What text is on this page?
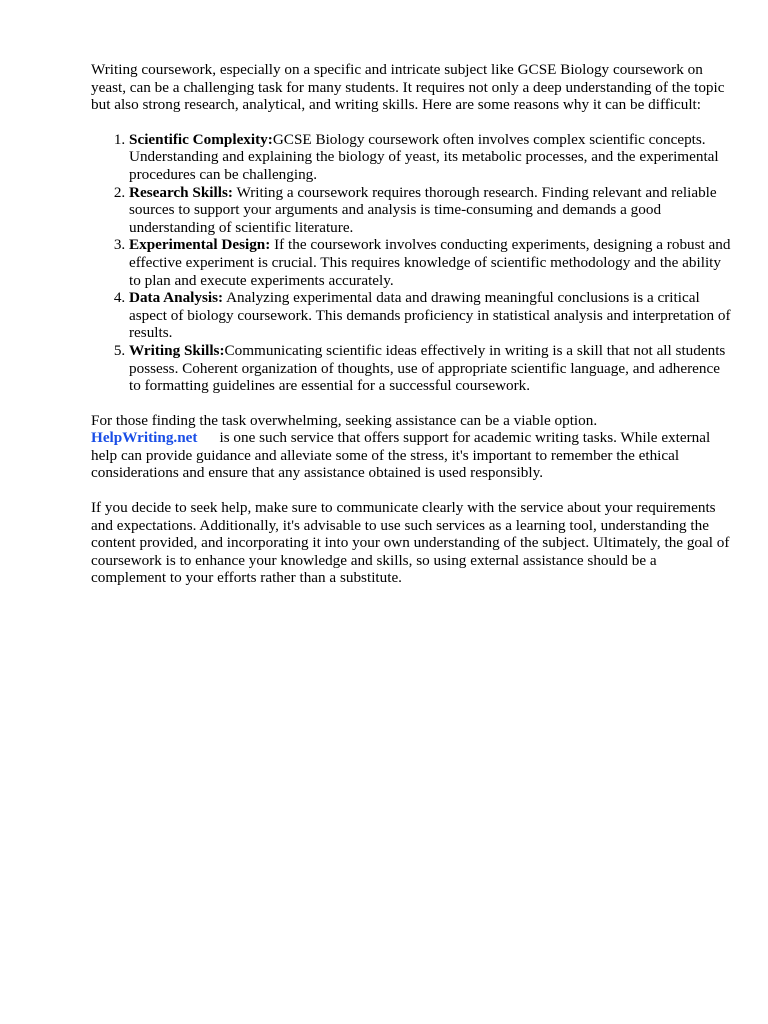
Writing coursework, especially on a specific and intricate subject like GCSE Biology coursework on yeast, can be a challenging task for many students. It requires not only a deep understanding of the topic but also strong research, analytical, and writing skills. Here are some reasons why it can be difficult:

1. Scientific Complexity:GCSE Biology coursework often involves complex scientific concepts. Understanding and explaining the biology of yeast, its metabolic processes, and the experimental procedures can be challenging.
2. Research Skills: Writing a coursework requires thorough research. Finding relevant and reliable sources to support your arguments and analysis is time-consuming and demands a good understanding of scientific literature.
3. Experimental Design: If the coursework involves conducting experiments, designing a robust and effective experiment is crucial. This requires knowledge of scientific methodology and the ability to plan and execute experiments accurately.
4. Data Analysis: Analyzing experimental data and drawing meaningful conclusions is a critical aspect of biology coursework. This demands proficiency in statistical analysis and interpretation of results.
5. Writing Skills:Communicating scientific ideas effectively in writing is a skill that not all students possess. Coherent organization of thoughts, use of appropriate scientific language, and adherence to formatting guidelines are essential for a successful coursework.

For those finding the task overwhelming, seeking assistance can be a viable option.
HelpWriting.net is one such service that offers support for academic writing tasks. While external help can provide guidance and alleviate some of the stress, it's important to remember the ethical considerations and ensure that any assistance obtained is used responsibly.

If you decide to seek help, make sure to communicate clearly with the service about your requirements and expectations. Additionally, it's advisable to use such services as a learning tool, understanding the content provided, and incorporating it into your own understanding of the subject. Ultimately, the goal of coursework is to enhance your knowledge and skills, so using external assistance should be a complement to your efforts rather than a substitute.
